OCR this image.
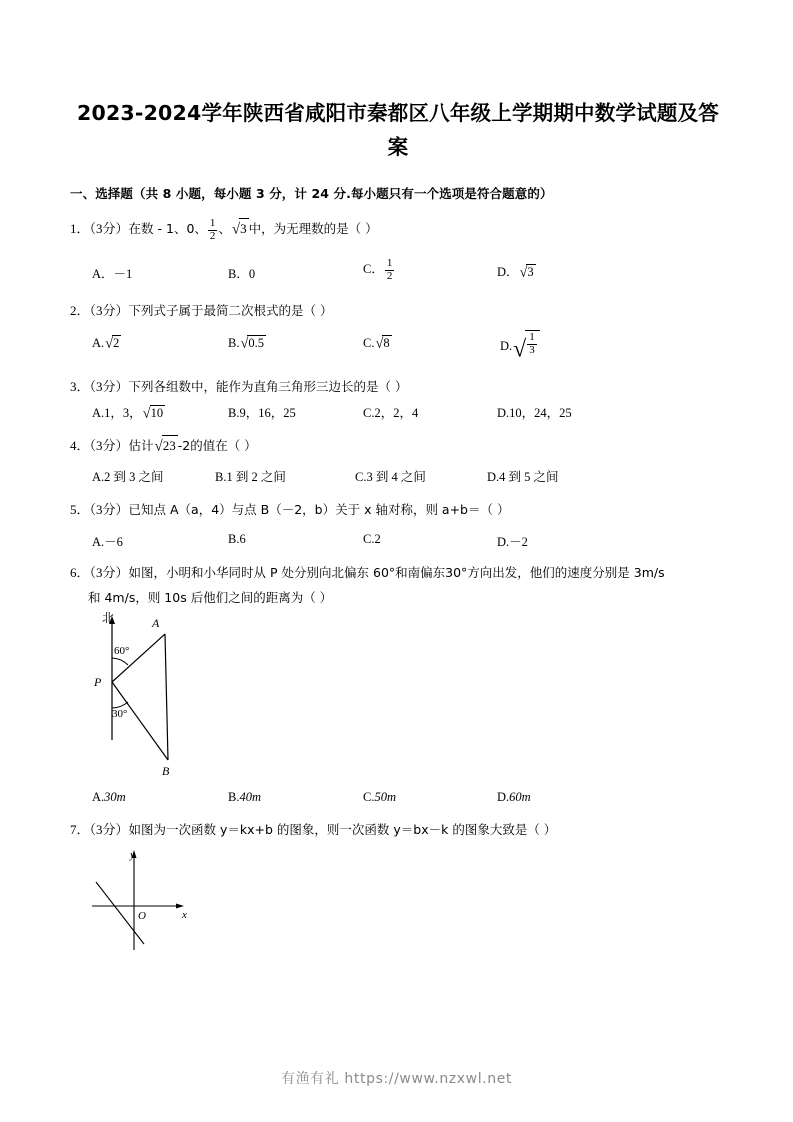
2023-2024学年陕西省咸阳市秦都区八年级上学期期中数学试题及答案
一、选择题（共 8 小题，每小题 3 分，计 24 分.每小题只有一个选项是符合题意的）
1．（3分）在数 - 1、0、 $\frac{1}{2}$ 、√3 中，为无理数的是（ ）
A．－1	B．0	C． $\frac{1}{2}$	D．√3
2．（3分）下列式子属于最简二次根式的是（ ）
A.√2	B.√0.5	C.√8	$D.√ \frac{1}{3}$
3．（3分）下列各组数中，能作为直角三角形三边长的是（ ）
A.1，3，√10	B.9，16，25	C.2，2，4	D.10，24，25
4．（3分）估计√23 -2的值在（ ）
A.2 到 3 之间	B.1 到 2 之间	C.3 到 4 之间	D.4 到 5 之间
5．（3分）已知点 A（a，4）与点 B（－2，b）关于 x 轴对称，则 a+b＝（ ）
A.－6	B.6	C.2	D.－2
6．（3分）如图，小明和小华同时从 P 处分别向北偏东 60°和南偏东30°方向出发，他们的速度分别是 3m/s
和 4m/s，则 10s 后他们之间的距离为（ ）
北	A
60°
P
30°
B
A.30m	B.40m	C.50m	D.60m
7．（3分）如图为一次函数 y＝kx+b 的图象，则一次函数 y＝bx－k 的图象大致是（ ）
y
O	x
有渔有礼 https://www.nzxwl.net
